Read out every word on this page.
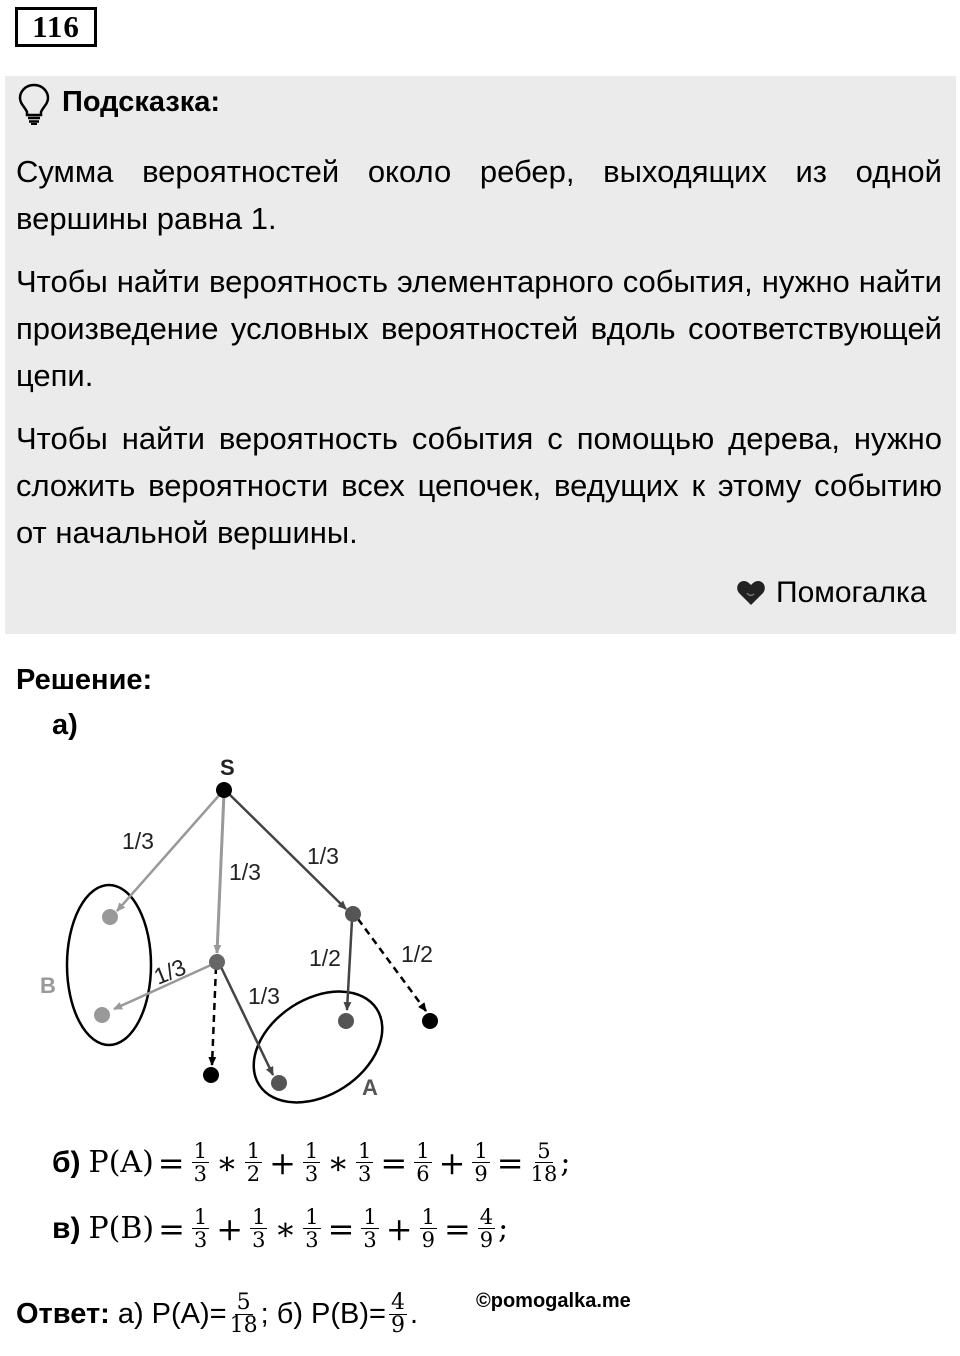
116
Подсказка:
Сумма вероятностей около ребер, выходящих из одной вершины равна 1.
Чтобы найти вероятность элементарного события, нужно найти произведение условных вероятностей вдоль соответствующей цепи.
Чтобы найти вероятность события с помощью дерева, нужно сложить вероятности всех цепочек, ведущих к этому событию от начальной вершины.
Помогалка
Решение:
а)
S
B
A
1/3
1/3
1/3
1/3
1/3
1/2	1/2
б) $P(A) = \frac{1}{3}$ ∗ $\frac{1}{2} + \frac{1}{3}$ ∗ $\frac{1}{3} = \frac{1}{6} + \frac{1}{9} = \frac{5}{18}$ ;
в) $P(B) = \frac{1}{3} + \frac{1}{3}$ ∗ $\frac{1}{3} = \frac{1}{3} + \frac{1}{9} = \frac{4}{9}$ ;
Ответ: а) $P(A)= \frac{5}{18}$ ; б) $P(B)= \frac{4}{9}$ .	©pomogalka.me
